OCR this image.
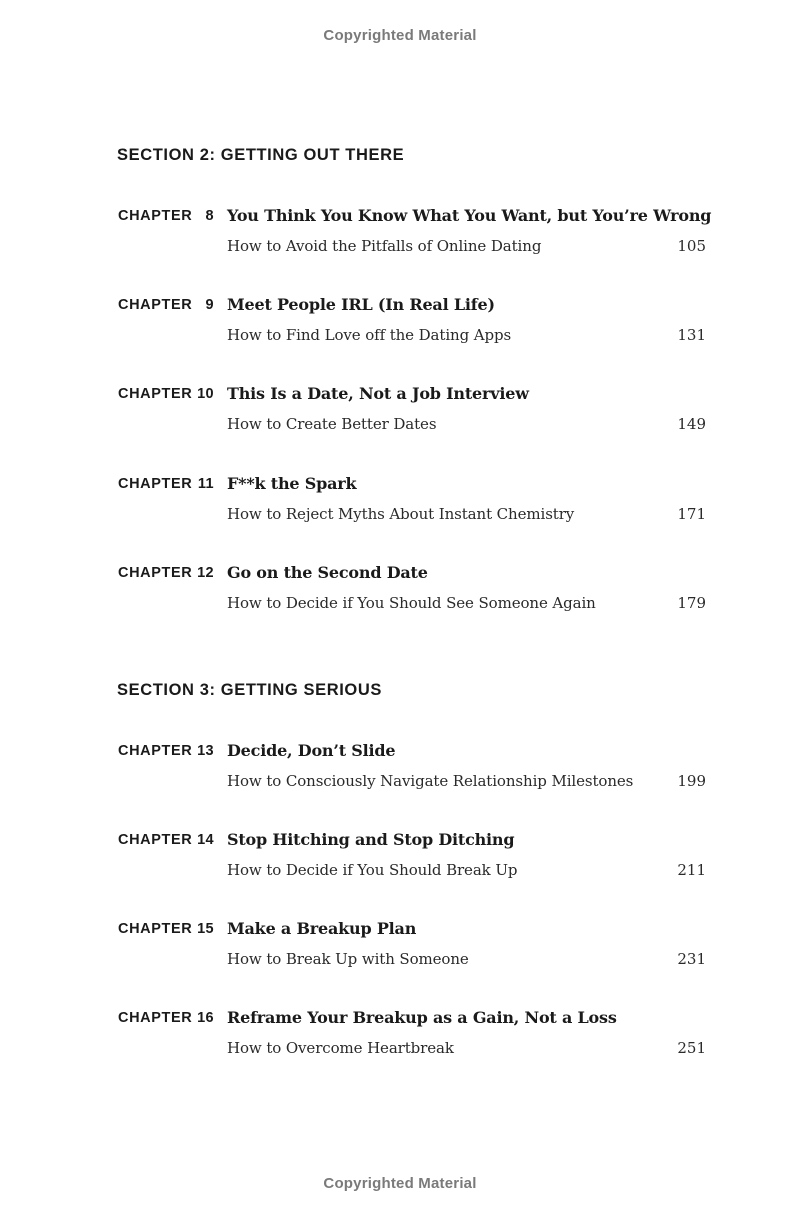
Copyrighted Material
SECTION 2: GETTING OUT THERE
CHAPTER 8 You Think You Know What You Want, but You’re Wrong
How to Avoid the Pitfalls of Online Dating	105
CHAPTER 9 Meet People IRL (In Real Life)
How to Find Love off the Dating Apps	131
CHAPTER 10 This Is a Date, Not a Job Interview
How to Create Better Dates	149
CHAPTER 11 F**k the Spark
How to Reject Myths About Instant Chemistry	171
CHAPTER 12 Go on the Second Date
How to Decide if You Should See Someone Again	179
SECTION 3: GETTING SERIOUS
CHAPTER 13 Decide, Don’t Slide
How to Consciously Navigate Relationship Milestones	199
CHAPTER 14 Stop Hitching and Stop Ditching
How to Decide if You Should Break Up	211
CHAPTER 15 Make a Breakup Plan
How to Break Up with Someone	231
CHAPTER 16 Reframe Your Breakup as a Gain, Not a Loss
How to Overcome Heartbreak	251
Copyrighted Material
